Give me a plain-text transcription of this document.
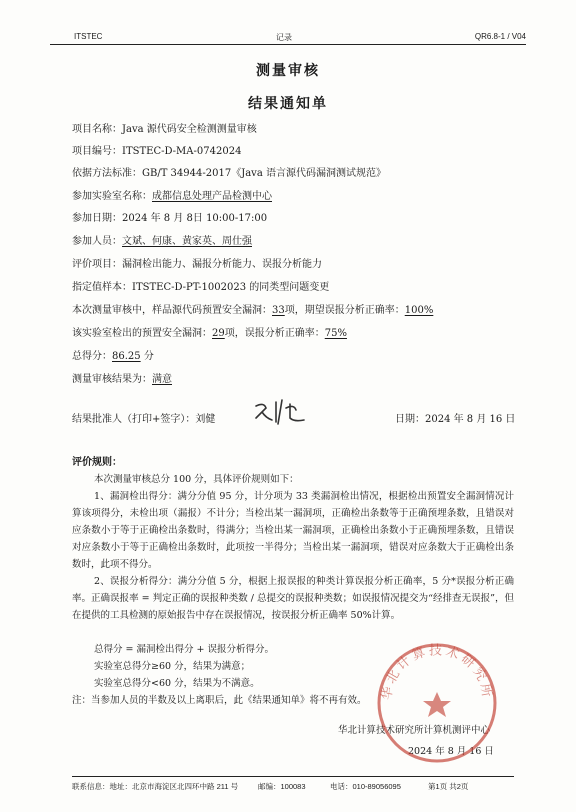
ITSTEC	记录	QR6.8-1 / V04
测量审核
结果通知单
项目名称：Java 源代码安全检测测量审核
项目编号：ITSTEC-D-MA-0742024
依据方法标准：GB/T 34944-2017《Java 语言源代码漏洞测试规范》
参加实验室名称：成都信息处理产品检测中心
参加日期：2024 年 8 月 8日 10:00-17:00
参加人员：文斌、何康、黄家英、周仕强
评价项目：漏洞检出能力、漏报分析能力、误报分析能力
指定值样本：ITSTEC-D-PT-1002023 的同类型问题变更
本次测量审核中，样品源代码预置安全漏洞：33项，期望误报分析正确率：100%
该实验室检出的预置安全漏洞：29项，误报分析正确率：75%
总得分：86.25 分
测量审核结果为：满意
结果批准人（打印+签字）：刘健	日期：2024 年 8 月 16 日
评价规则：
本次测量审核总分 100 分，具体评价规则如下：
1、漏洞检出得分：满分分值 95 分，计分项为 33 类漏洞检出情况，根据检出预置安全漏洞情况计算该项得分，未检出项（漏报）不计分；当检出某一漏洞项，正确检出条数等于正确预埋条数，且错误对应条数小于等于正确检出条数时，得满分；当检出某一漏洞项，正确检出条数小于正确预埋条数，且错误对应条数小于等于正确检出条数时，此项按一半得分；当检出某一漏洞项，错误对应条数大于正确检出条数时，此项不得分。
2、误报分析得分：满分分值 5 分，根据上报误报的种类计算误报分析正确率，5 分*误报分析正确率。正确误报率 = 判定正确的误报种类数 / 总提交的误报种类数；如误报情况提交为“经排查无误报”，但在提供的工具检测的原始报告中存在误报情况，按误报分析正确率 50%计算。
总得分 = 漏洞检出得分 + 误报分析得分。
实验室总得分≥60 分，结果为满意；
实验室总得分<60 分，结果为不满意。
注：当参加人员的半数及以上离职后，此《结果通知单》将不再有效。
华北计算技术研究所计算机测评中心
2024 年 8 月 16 日
华北计算技术研究所
联系信息：地址：北京市海淀区北四环中路 211 号	邮编：100083	电话：010-89056095	第1页 共2页
